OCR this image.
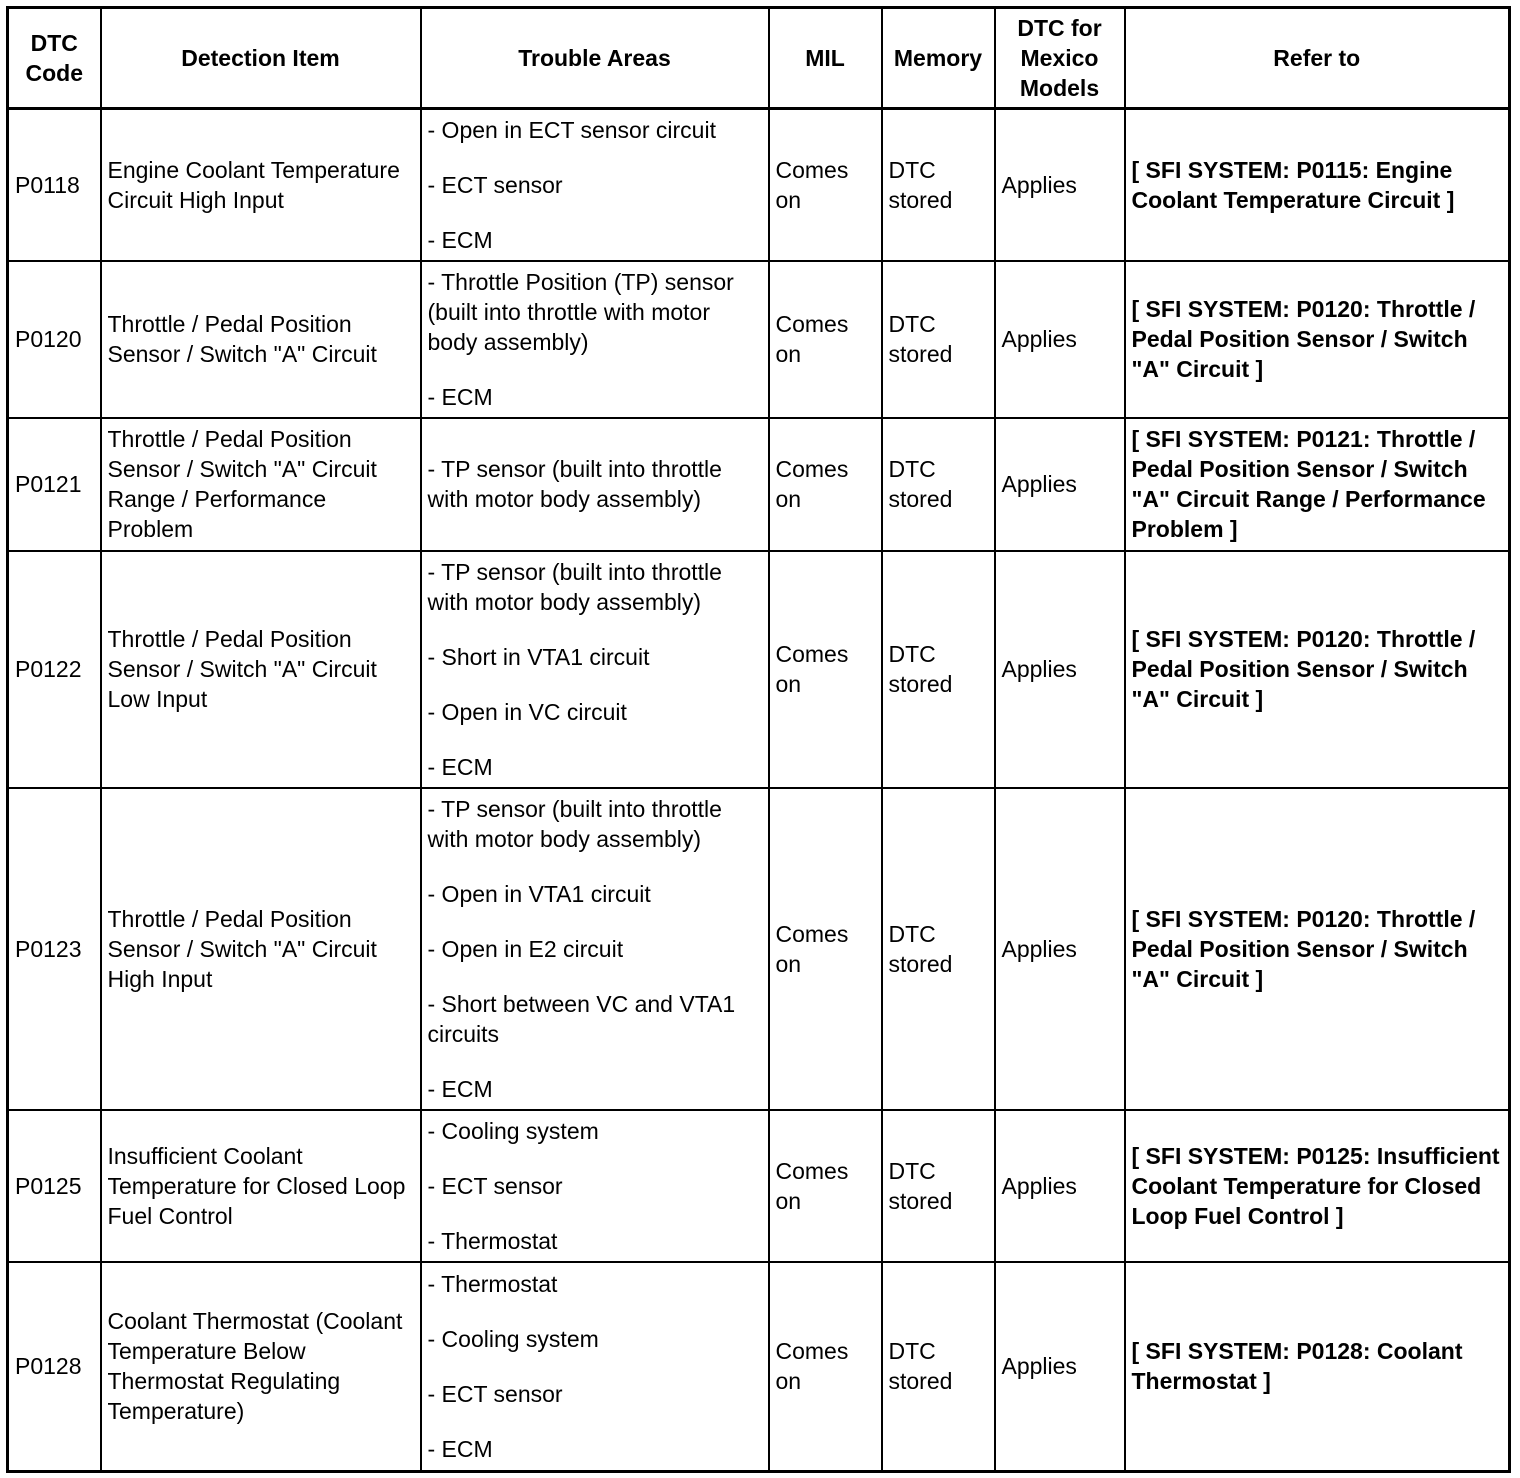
DTC Code	Detection Item	Trouble Areas	MIL	Memory	DTC for Mexico Models	Refer to
P0118	Engine Coolant Temperature Circuit High Input	- Open in ECT sensor circuit

- ECT sensor

- ECM	Comes on	DTC stored	Applies	[ SFI SYSTEM: P0115: Engine Coolant Temperature Circuit ]
P0120	Throttle / Pedal Position Sensor / Switch "A" Circuit	- Throttle Position (TP) sensor (built into throttle with motor body assembly)

- ECM	Comes on	DTC stored	Applies	[ SFI SYSTEM: P0120: Throttle / Pedal Position Sensor / Switch "A" Circuit ]
P0121	Throttle / Pedal Position Sensor / Switch "A" Circuit Range / Performance Problem	- TP sensor (built into throttle with motor body assembly)	Comes on	DTC stored	Applies	[ SFI SYSTEM: P0121: Throttle / Pedal Position Sensor / Switch "A" Circuit Range / Performance Problem ]
P0122	Throttle / Pedal Position Sensor / Switch "A" Circuit Low Input	- TP sensor (built into throttle with motor body assembly)

- Short in VTA1 circuit

- Open in VC circuit

- ECM	Comes on	DTC stored	Applies	[ SFI SYSTEM: P0120: Throttle / Pedal Position Sensor / Switch "A" Circuit ]
P0123	Throttle / Pedal Position Sensor / Switch "A" Circuit High Input	- TP sensor (built into throttle with motor body assembly)

- Open in VTA1 circuit

- Open in E2 circuit

- Short between VC and VTA1 circuits

- ECM	Comes on	DTC stored	Applies	[ SFI SYSTEM: P0120: Throttle / Pedal Position Sensor / Switch "A" Circuit ]
P0125	Insufficient Coolant Temperature for Closed Loop Fuel Control	- Cooling system

- ECT sensor

- Thermostat	Comes on	DTC stored	Applies	[ SFI SYSTEM: P0125: Insufficient Coolant Temperature for Closed Loop Fuel Control ]
P0128	Coolant Thermostat (Coolant Temperature Below Thermostat Regulating Temperature)	- Thermostat

- Cooling system

- ECT sensor

- ECM	Comes on	DTC stored	Applies	[ SFI SYSTEM: P0128: Coolant Thermostat ]
